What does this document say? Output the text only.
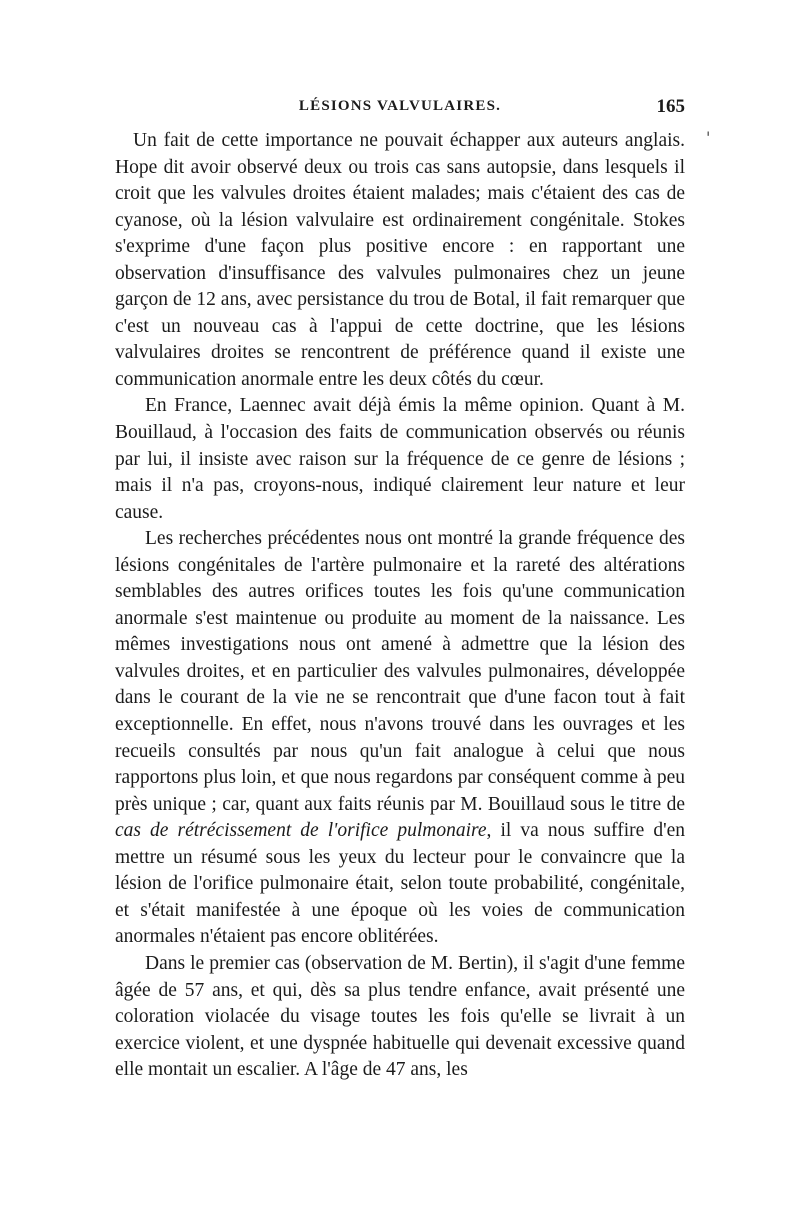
LÉSIONS VALVULAIRES.	165
'

Un fait de cette importance ne pouvait échapper aux auteurs anglais. Hope dit avoir observé deux ou trois cas sans autopsie, dans lesquels il croit que les valvules droites étaient malades; mais c'étaient des cas de cyanose, où la lésion valvulaire est ordinairement congénitale. Stokes s'exprime d'une façon plus positive encore : en rapportant une observation d'insuffisance des valvules pulmonaires chez un jeune garçon de 12 ans, avec persistance du trou de Botal, il fait remarquer que c'est un nouveau cas à l'appui de cette doctrine, que les lésions valvulaires droites se rencontrent de préférence quand il existe une communication anormale entre les deux côtés du cœur.

En France, Laennec avait déjà émis la même opinion. Quant à M. Bouillaud, à l'occasion des faits de communication observés ou réunis par lui, il insiste avec raison sur la fréquence de ce genre de lésions ; mais il n'a pas, croyons-nous, indiqué clairement leur nature et leur cause.

Les recherches précédentes nous ont montré la grande fréquence des lésions congénitales de l'artère pulmonaire et la rareté des altérations semblables des autres orifices toutes les fois qu'une communication anormale s'est maintenue ou produite au moment de la naissance. Les mêmes investigations nous ont amené à admettre que la lésion des valvules droites, et en particulier des valvules pulmonaires, développée dans le courant de la vie ne se rencontrait que d'une facon tout à fait exceptionnelle. En effet, nous n'avons trouvé dans les ouvrages et les recueils consultés par nous qu'un fait analogue à celui que nous rapportons plus loin, et que nous regardons par conséquent comme à peu près unique ; car, quant aux faits réunis par M. Bouillaud sous le titre de cas de rétrécissement de l'orifice pulmonaire, il va nous suffire d'en mettre un résumé sous les yeux du lecteur pour le convaincre que la lésion de l'orifice pulmonaire était, selon toute probabilité, congénitale, et s'était manifestée à une époque où les voies de communication anormales n'étaient pas encore oblitérées.

Dans le premier cas (observation de M. Bertin), il s'agit d'une femme âgée de 57 ans, et qui, dès sa plus tendre enfance, avait présenté une coloration violacée du visage toutes les fois qu'elle se livrait à un exercice violent, et une dyspnée habituelle qui devenait excessive quand elle montait un escalier. A l'âge de 47 ans, les
